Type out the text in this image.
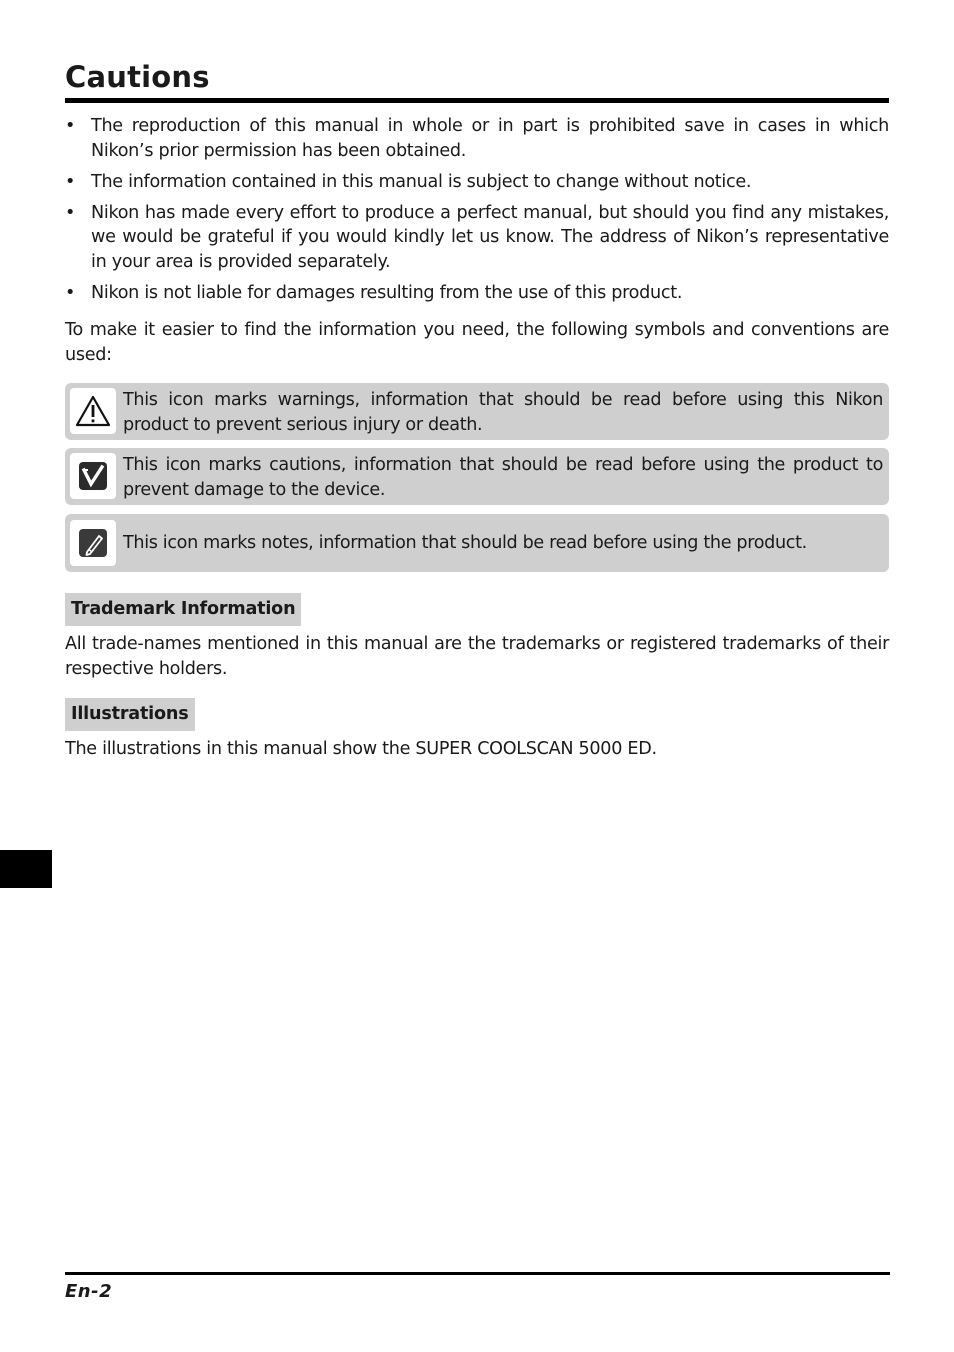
Cautions
• The reproduction of this manual in whole or in part is prohibited save in cases in which Nikon’s prior permission has been obtained.
• The information contained in this manual is subject to change without notice.
• Nikon has made every effort to produce a perfect manual, but should you find any mistakes, we would be grateful if you would kindly let us know. The address of Nikon’s representative in your area is provided separately.
• Nikon is not liable for damages resulting from the use of this product.

To make it easier to find the information you need, the following symbols and conventions are used:

This icon marks warnings, information that should be read before using this Nikon product to prevent serious injury or death.
This icon marks cautions, information that should be read before using the product to prevent damage to the device.
This icon marks notes, information that should be read before using the product.
Trademark Information

All trade-names mentioned in this manual are the trademarks or registered trademarks of their respective holders.

Illustrations

The illustrations in this manual show the SUPER COOLSCAN 5000 ED.

En-2
